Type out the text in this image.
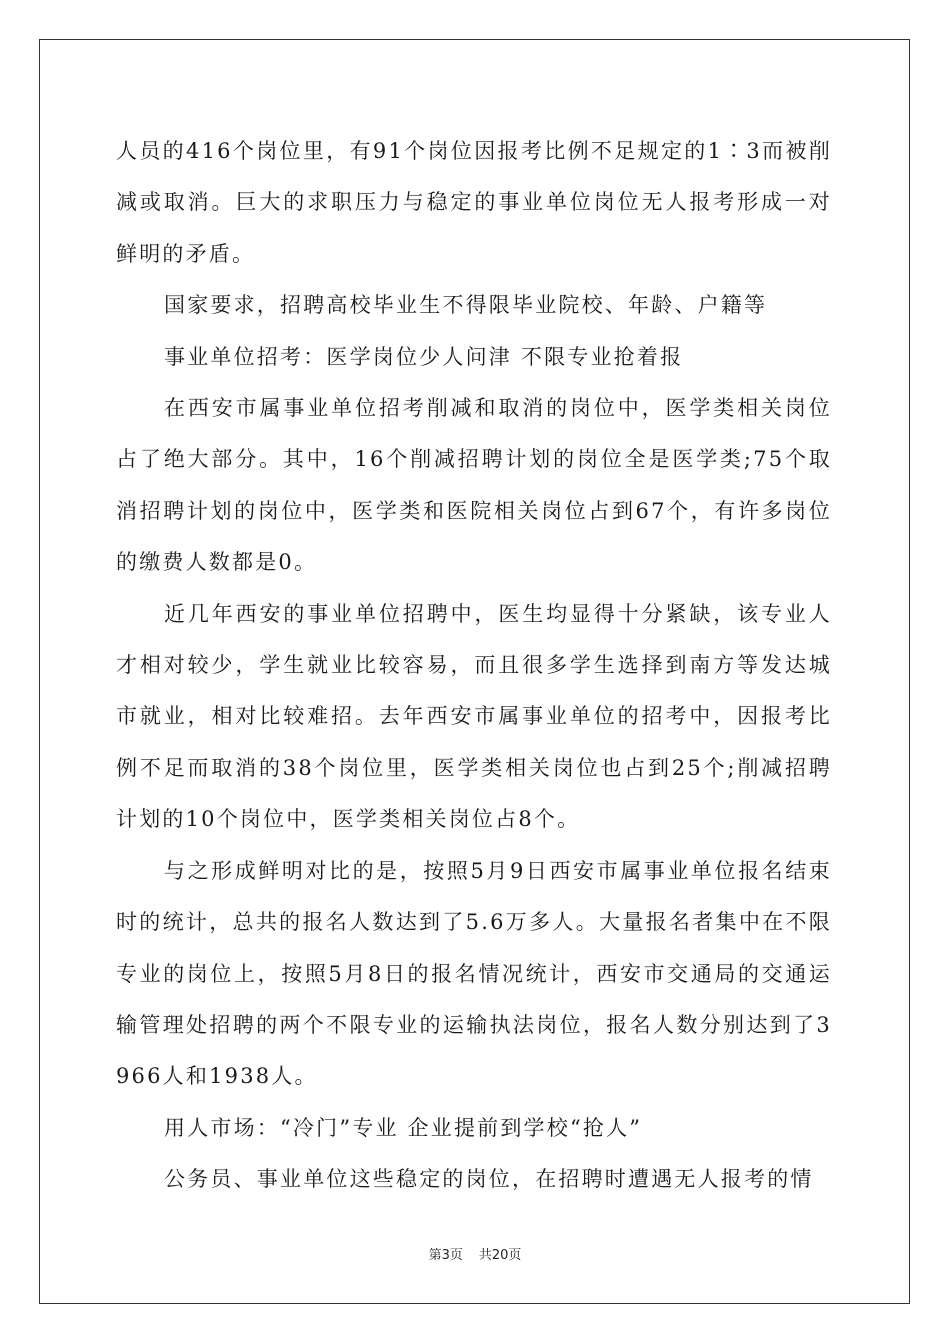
人员的416个岗位里，有91个岗位因报考比例不足规定的1∶3而被削减或取消。巨大的求职压力与稳定的事业单位岗位无人报考形成一对鲜明的矛盾。

国家要求，招聘高校毕业生不得限毕业院校、年龄、户籍等

事业单位招考：医学岗位少人问津 不限专业抢着报

在西安市属事业单位招考削减和取消的岗位中，医学类相关岗位占了绝大部分。其中，16个削减招聘计划的岗位全是医学类;75个取消招聘计划的岗位中，医学类和医院相关岗位占到67个，有许多岗位的缴费人数都是0。

近几年西安的事业单位招聘中，医生均显得十分紧缺，该专业人才相对较少，学生就业比较容易，而且很多学生选择到南方等发达城市就业，相对比较难招。去年西安市属事业单位的招考中，因报考比例不足而取消的38个岗位里，医学类相关岗位也占到25个;削减招聘计划的10个岗位中，医学类相关岗位占8个。

与之形成鲜明对比的是，按照5月9日西安市属事业单位报名结束时的统计，总共的报名人数达到了5.6万多人。大量报名者集中在不限专业的岗位上，按照5月8日的报名情况统计，西安市交通局的交通运输管理处招聘的两个不限专业的运输执法岗位，报名人数分别达到了3966人和1938人。

用人市场：“冷门”专业 企业提前到学校“抢人”

公务员、事业单位这些稳定的岗位，在招聘时遭遇无人报考的情

第3页 共20页
